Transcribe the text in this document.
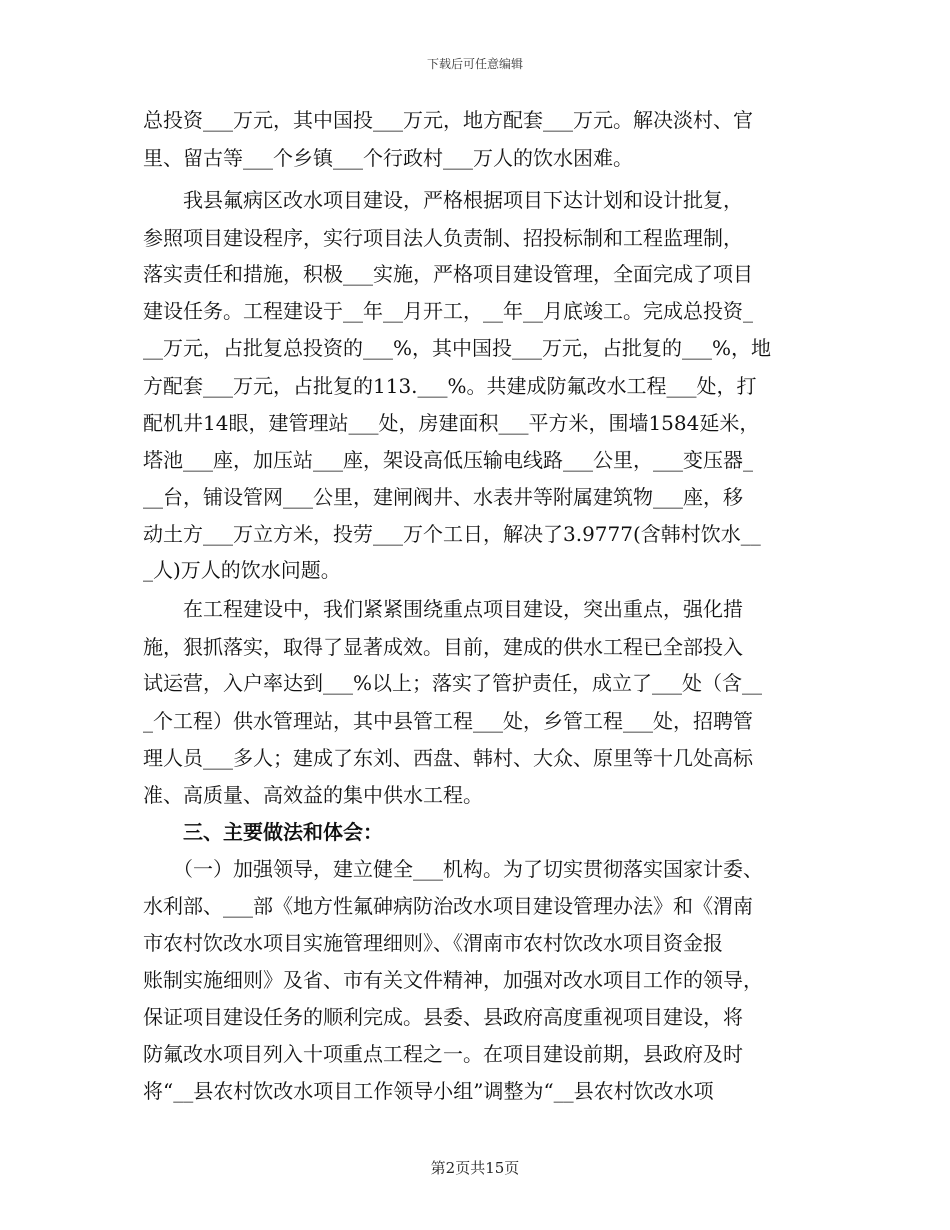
下载后可任意编辑
总投资___万元，其中国投___万元，地方配套___万元。解决淡村、官
里、留古等___个乡镇___个行政村___万人的饮水困难。
　　我县氟病区改水项目建设，严格根据项目下达计划和设计批复，
参照项目建设程序，实行项目法人负责制、招投标制和工程监理制，
落实责任和措施，积极___实施，严格项目建设管理，全面完成了项目
建设任务。工程建设于__年__月开工，__年__月底竣工。完成总投资_
__万元，占批复总投资的___%，其中国投___万元，占批复的___%，地
方配套___万元，占批复的113.___%。共建成防氟改水工程___处，打
配机井14眼，建管理站___处，房建面积___平方米，围墙1584延米，
塔池___座，加压站___座，架设高低压输电线路___公里，___变压器_
__台，铺设管网___公里，建闸阀井、水表井等附属建筑物___座，移
动土方___万立方米，投劳___万个工日，解决了3.9777(含韩村饮水__
_人)万人的饮水问题。
　　在工程建设中，我们紧紧围绕重点项目建设，突出重点，强化措
施，狠抓落实，取得了显著成效。目前，建成的供水工程已全部投入
试运营，入户率达到___%以上；落实了管护责任，成立了___处（含__
_个工程）供水管理站，其中县管工程___处，乡管工程___处，招聘管
理人员___多人；建成了东刘、西盘、韩村、大众、原里等十几处高标
准、高质量、高效益的集中供水工程。
　　三、主要做法和体会：
　　（一）加强领导，建立健全___机构。为了切实贯彻落实国家计委、
水利部、___部《地方性氟砷病防治改水项目建设管理办法》和《渭南
市农村饮改水项目实施管理细则》、《渭南市农村饮改水项目资金报
账制实施细则》及省、市有关文件精神，加强对改水项目工作的领导，
保证项目建设任务的顺利完成。县委、县政府高度重视项目建设，将
防氟改水项目列入十项重点工程之一。在项目建设前期，县政府及时
将“__县农村饮改水项目工作领导小组”调整为“__县农村饮改水项
第2页共15页
